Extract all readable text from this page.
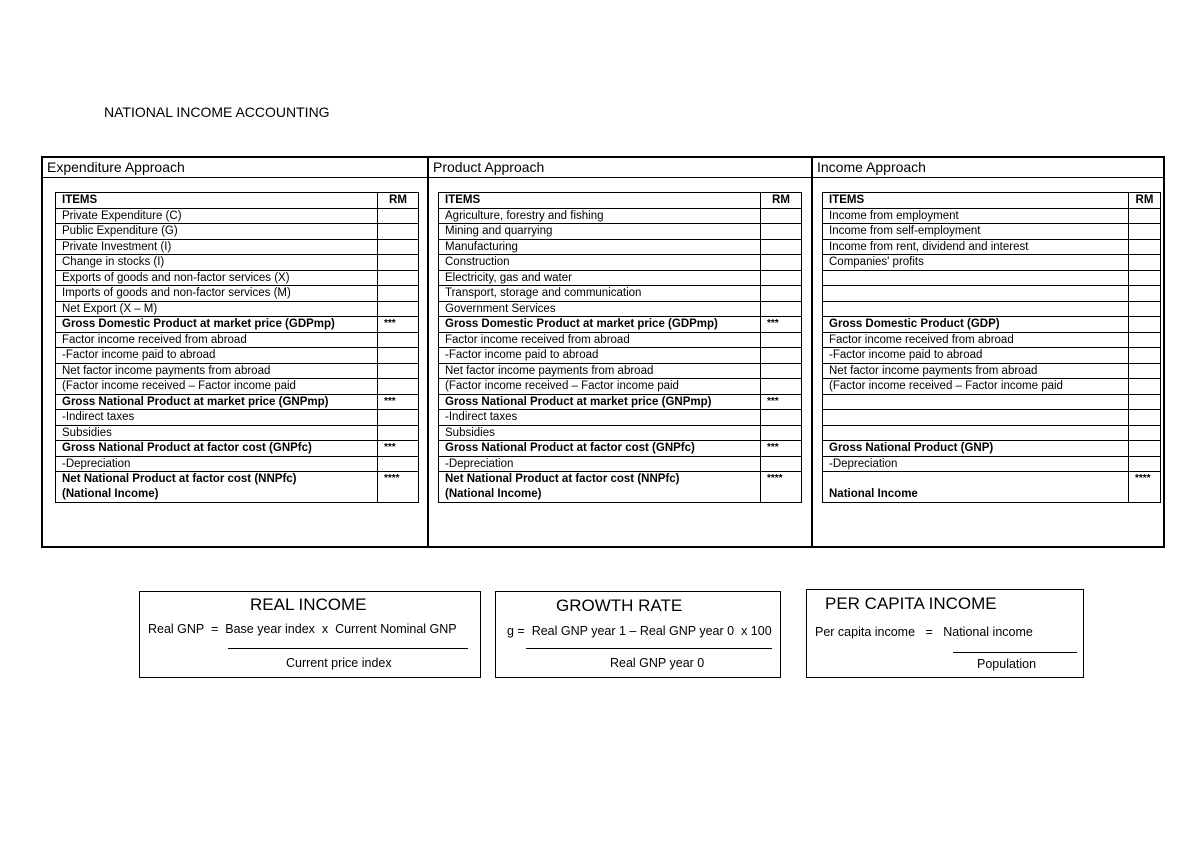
NATIONAL INCOME ACCOUNTING
Expenditure Approach
ITEMS	RM
Private Expenditure (C)	
Public Expenditure (G)	
Private Investment (I)	
Change in stocks (I)	
Exports of goods and non-factor services (X)	
Imports of goods and non-factor services (M)	
Net Export (X – M)	
Gross Domestic Product at market price (GDPmp)	***
Factor income received from abroad	
-Factor income paid to abroad	
Net factor income payments from abroad	
(Factor income received – Factor income paid	
Gross National Product at market price (GNPmp)	***
-Indirect taxes	
Subsidies	
Gross National Product at factor cost (GNPfc)	***
-Depreciation	

Net National Product at factor cost (NNPfc)
(National Income)	****
Product Approach
ITEMS	RM
Agriculture, forestry and fishing	
Mining and quarrying	
Manufacturing	
Construction	
Electricity, gas and water	
Transport, storage and communication	
Government Services	
Gross Domestic Product at market price (GDPmp)	***
Factor income received from abroad	
-Factor income paid to abroad	
Net factor income payments from abroad	
(Factor income received – Factor income paid	
Gross National Product at market price (GNPmp)	***
-Indirect taxes	
Subsidies	
Gross National Product at factor cost (GNPfc)	***
-Depreciation	

Net National Product at factor cost (NNPfc)
(National Income)	****
Income Approach
ITEMS	RM
Income from employment	
Income from self-employment	
Income from rent, dividend and interest	
Companies' profits	

Gross Domestic Product (GDP)	
Factor income received from abroad	
-Factor income paid to abroad	
Net factor income payments from abroad	
(Factor income received – Factor income paid	

Gross National Product (GNP)	
-Depreciation	

National Income	****
REAL INCOME
Real GNP = Base year index x Current Nominal GNP
Current price index
GROWTH RATE
g = Real GNP year 1 – Real GNP year 0 x 100
Real GNP year 0
PER CAPITA INCOME
Per capita income = National income
Population
